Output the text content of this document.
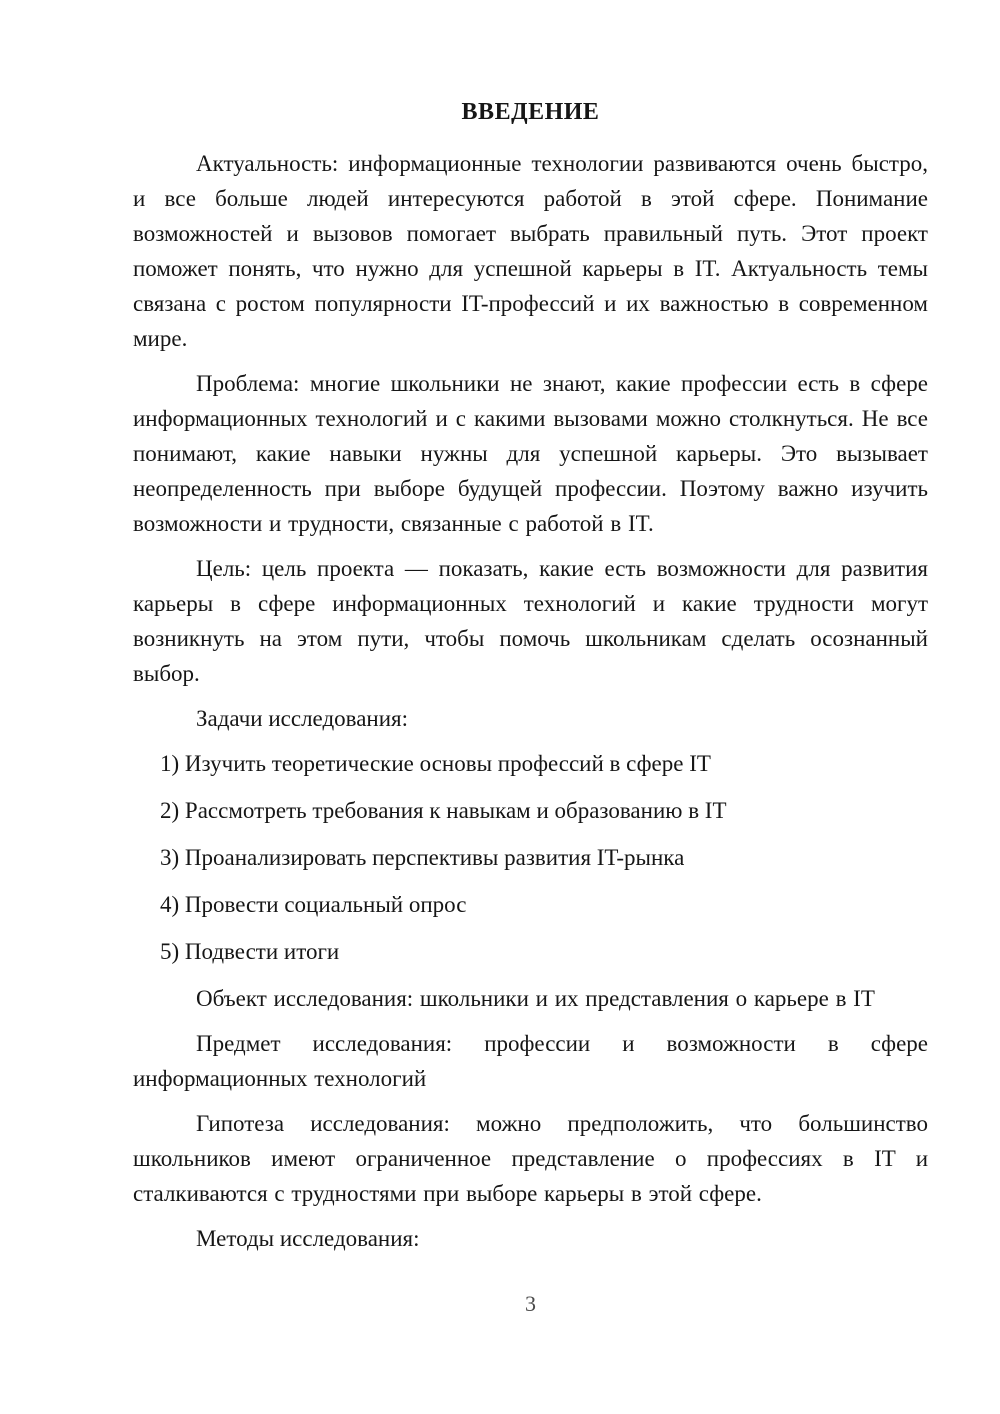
ВВЕДЕНИЕ

Актуальность: информационные технологии развиваются очень быстро, и все больше людей интересуются работой в этой сфере. Понимание возможностей и вызовов помогает выбрать правильный путь. Этот проект поможет понять, что нужно для успешной карьеры в IT. Актуальность темы связана с ростом популярности IT-профессий и их важностью в современном мире.

Проблема: многие школьники не знают, какие профессии есть в сфере информационных технологий и с какими вызовами можно столкнуться. Не все понимают, какие навыки нужны для успешной карьеры. Это вызывает неопределенность при выборе будущей профессии. Поэтому важно изучить возможности и трудности, связанные с работой в IT.

Цель: цель проекта — показать, какие есть возможности для развития карьеры в сфере информационных технологий и какие трудности могут возникнуть на этом пути, чтобы помочь школьникам сделать осознанный выбор.

Задачи исследования:

1) Изучить теоретические основы профессий в сфере IT

2) Рассмотреть требования к навыкам и образованию в IT

3) Проанализировать перспективы развития IT-рынка

4) Провести социальный опрос

5) Подвести итоги

Объект исследования: школьники и их представления о карьере в IT

Предмет исследования: профессии и возможности в сфере информационных технологий

Гипотеза исследования: можно предположить, что большинство школьников имеют ограниченное представление о профессиях в IT и сталкиваются с трудностями при выборе карьеры в этой сфере.

Методы исследования:

3
